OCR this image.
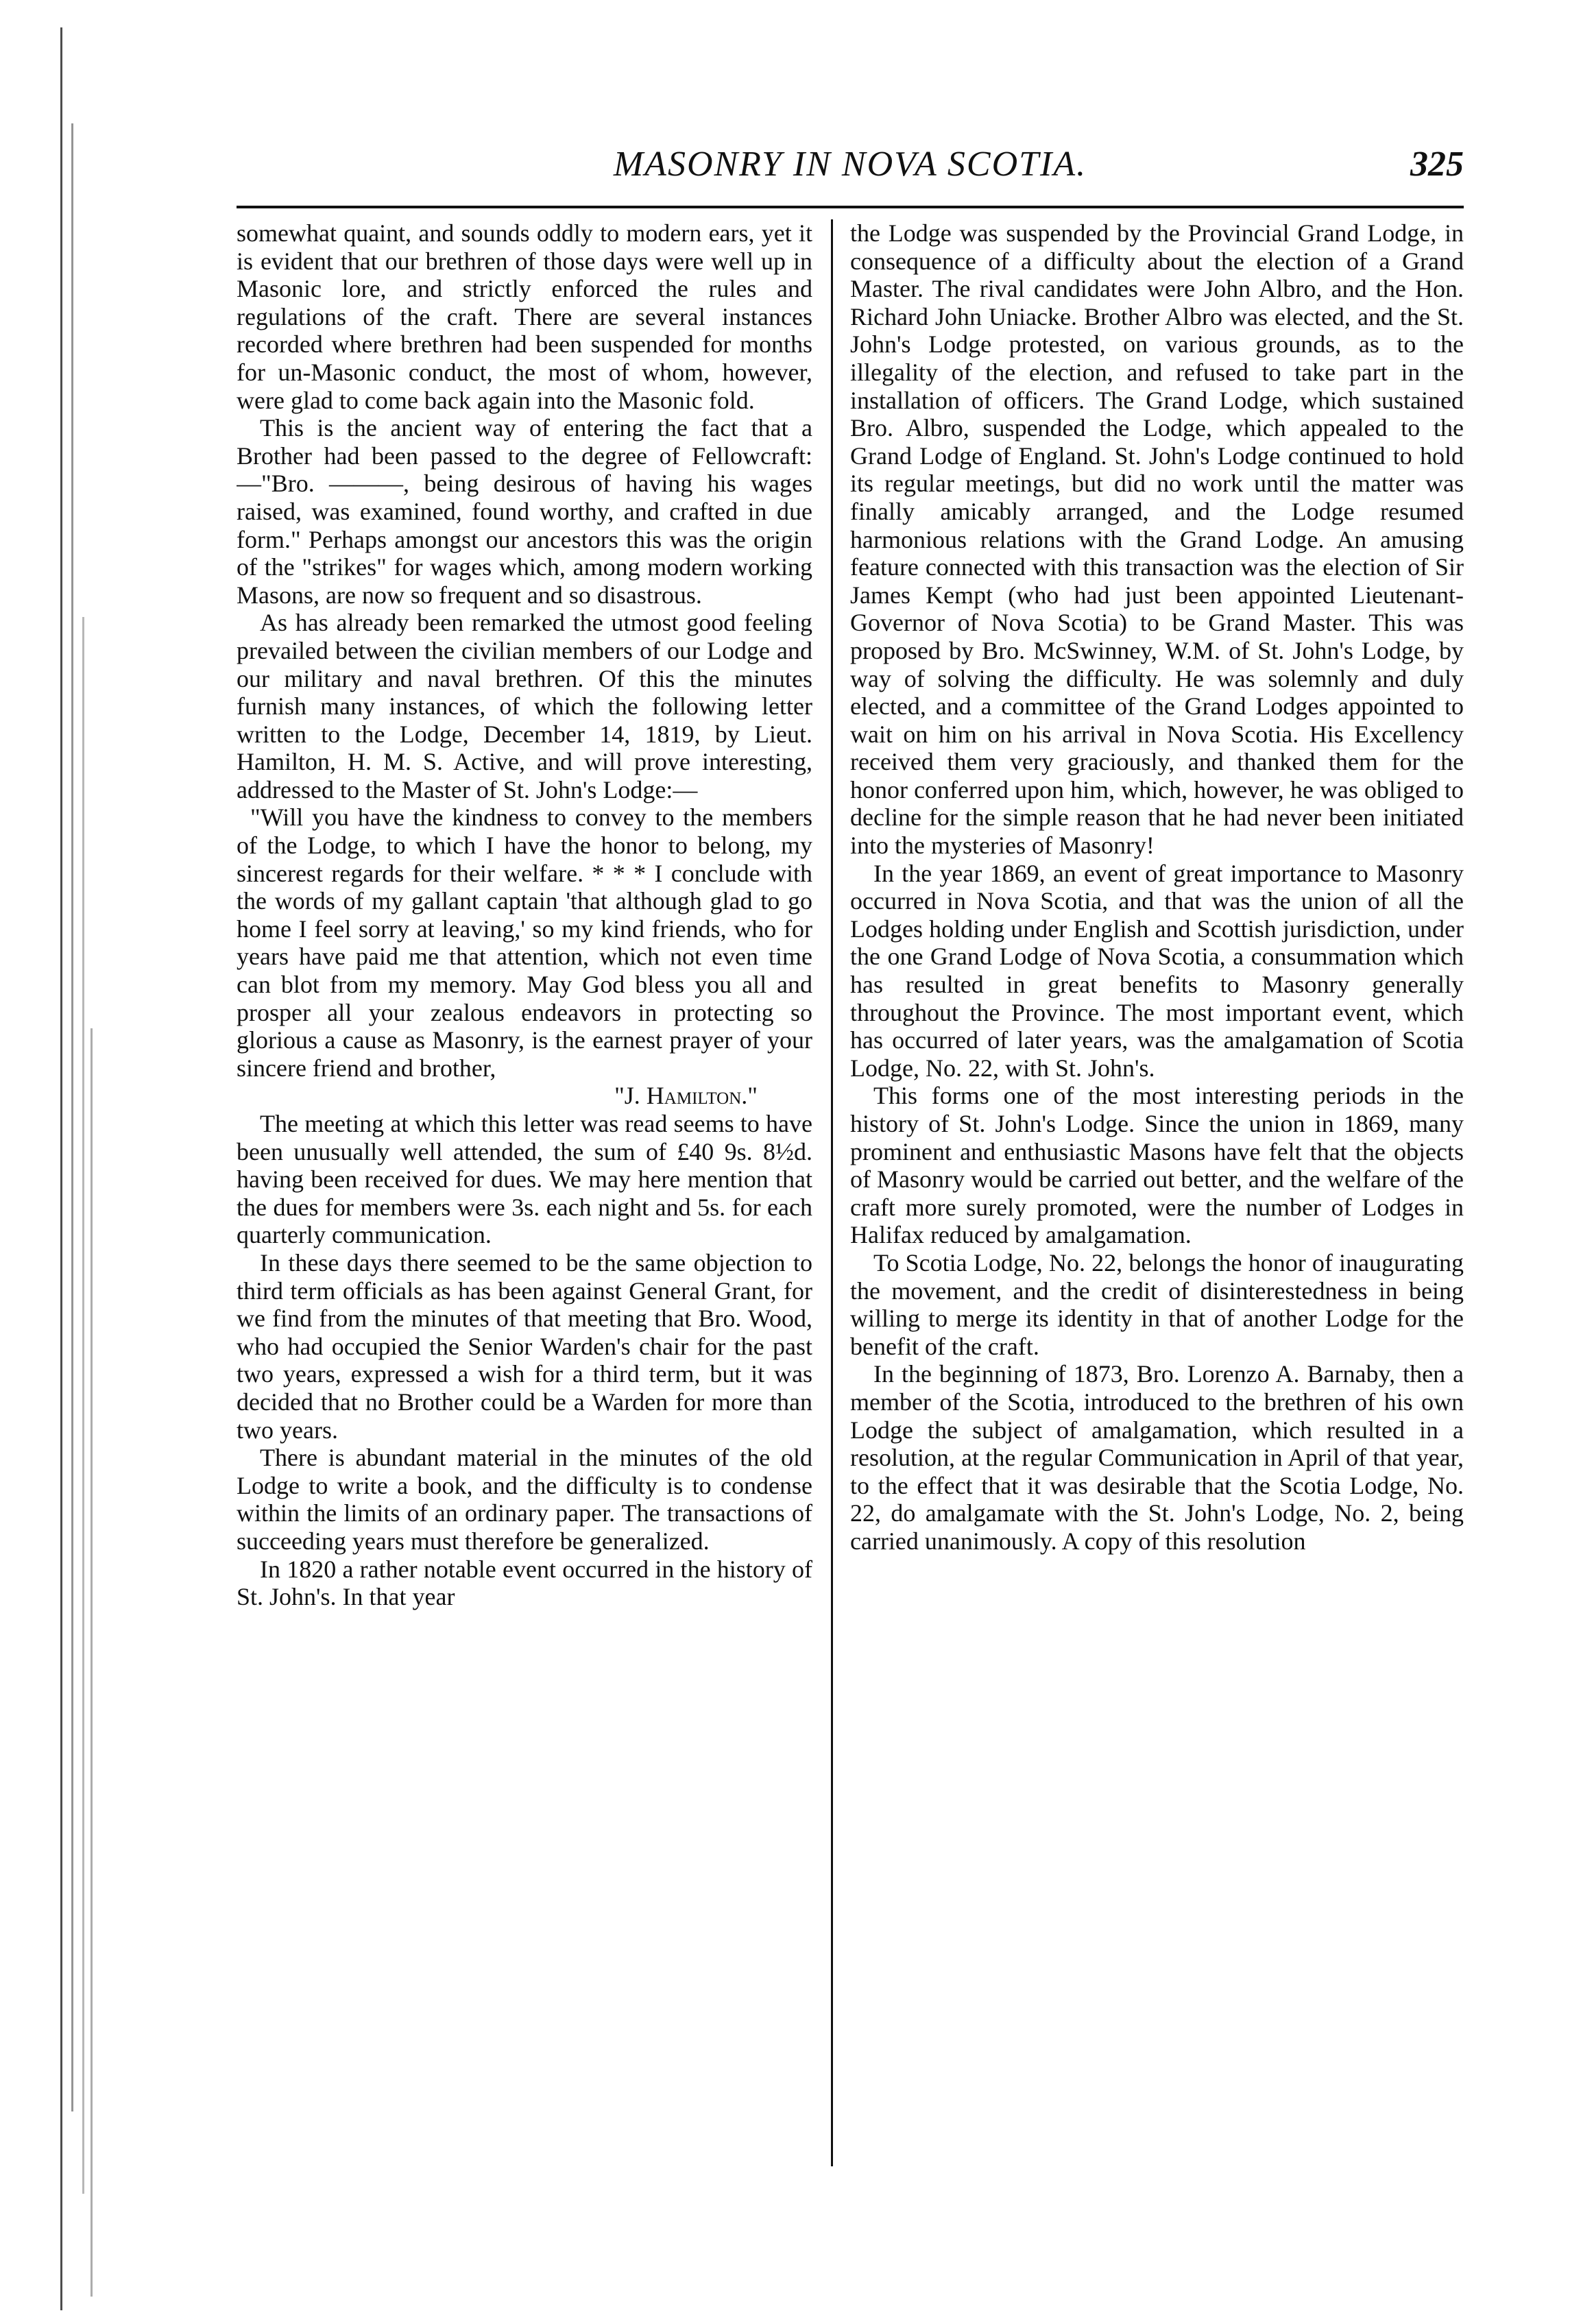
MASONRY IN NOVA SCOTIA.	325

somewhat quaint, and sounds oddly to modern ears, yet it is evident that our brethren of those days were well up in Masonic lore, and strictly enforced the rules and regulations of the craft. There are several instances recorded where brethren had been suspended for months for un-Masonic conduct, the most of whom, however, were glad to come back again into the Masonic fold.

This is the ancient way of entering the fact that a Brother had been passed to the degree of Fellowcraft:—"Bro. ———, being desirous of having his wages raised, was examined, found worthy, and crafted in due form." Perhaps amongst our ancestors this was the origin of the "strikes" for wages which, among modern working Masons, are now so frequent and so disastrous.

As has already been remarked the utmost good feeling prevailed between the civilian members of our Lodge and our military and naval brethren. Of this the minutes furnish many instances, of which the following letter written to the Lodge, December 14, 1819, by Lieut. Hamilton, H. M. S. Active, and will prove interesting, addressed to the Master of St. John's Lodge:—

"Will you have the kindness to convey to the members of the Lodge, to which I have the honor to belong, my sincerest regards for their welfare. * * * I conclude with the words of my gallant captain 'that although glad to go home I feel sorry at leaving,' so my kind friends, who for years have paid me that attention, which not even time can blot from my memory. May God bless you all and prosper all your zealous endeavors in protecting so glorious a cause as Masonry, is the earnest prayer of your sincere friend and brother,

"J. Hamilton."

The meeting at which this letter was read seems to have been unusually well attended, the sum of £40 9s. 8½d. having been received for dues. We may here mention that the dues for members were 3s. each night and 5s. for each quarterly communication.

In these days there seemed to be the same objection to third term officials as has been against General Grant, for we find from the minutes of that meeting that Bro. Wood, who had occupied the Senior Warden's chair for the past two years, expressed a wish for a third term, but it was decided that no Brother could be a Warden for more than two years.

There is abundant material in the minutes of the old Lodge to write a book, and the difficulty is to condense within the limits of an ordinary paper. The transactions of succeeding years must therefore be generalized.

In 1820 a rather notable event occurred in the history of St. John's. In that year

the Lodge was suspended by the Provincial Grand Lodge, in consequence of a difficulty about the election of a Grand Master. The rival candidates were John Albro, and the Hon. Richard John Uniacke. Brother Albro was elected, and the St. John's Lodge protested, on various grounds, as to the illegality of the election, and refused to take part in the installation of officers. The Grand Lodge, which sustained Bro. Albro, suspended the Lodge, which appealed to the Grand Lodge of England. St. John's Lodge continued to hold its regular meetings, but did no work until the matter was finally amicably arranged, and the Lodge resumed harmonious relations with the Grand Lodge. An amusing feature connected with this transaction was the election of Sir James Kempt (who had just been appointed Lieutenant-Governor of Nova Scotia) to be Grand Master. This was proposed by Bro. McSwinney, W.M. of St. John's Lodge, by way of solving the difficulty. He was solemnly and duly elected, and a committee of the Grand Lodges appointed to wait on him on his arrival in Nova Scotia. His Excellency received them very graciously, and thanked them for the honor conferred upon him, which, however, he was obliged to decline for the simple reason that he had never been initiated into the mysteries of Masonry!

In the year 1869, an event of great importance to Masonry occurred in Nova Scotia, and that was the union of all the Lodges holding under English and Scottish jurisdiction, under the one Grand Lodge of Nova Scotia, a consummation which has resulted in great benefits to Masonry generally throughout the Province. The most important event, which has occurred of later years, was the amalgamation of Scotia Lodge, No. 22, with St. John's.

This forms one of the most interesting periods in the history of St. John's Lodge. Since the union in 1869, many prominent and enthusiastic Masons have felt that the objects of Masonry would be carried out better, and the welfare of the craft more surely promoted, were the number of Lodges in Halifax reduced by amalgamation.

To Scotia Lodge, No. 22, belongs the honor of inaugurating the movement, and the credit of disinterestedness in being willing to merge its identity in that of another Lodge for the benefit of the craft.

In the beginning of 1873, Bro. Lorenzo A. Barnaby, then a member of the Scotia, introduced to the brethren of his own Lodge the subject of amalgamation, which resulted in a resolution, at the regular Communication in April of that year, to the effect that it was desirable that the Scotia Lodge, No. 22, do amalgamate with the St. John's Lodge, No. 2, being carried unanimously. A copy of this resolution
